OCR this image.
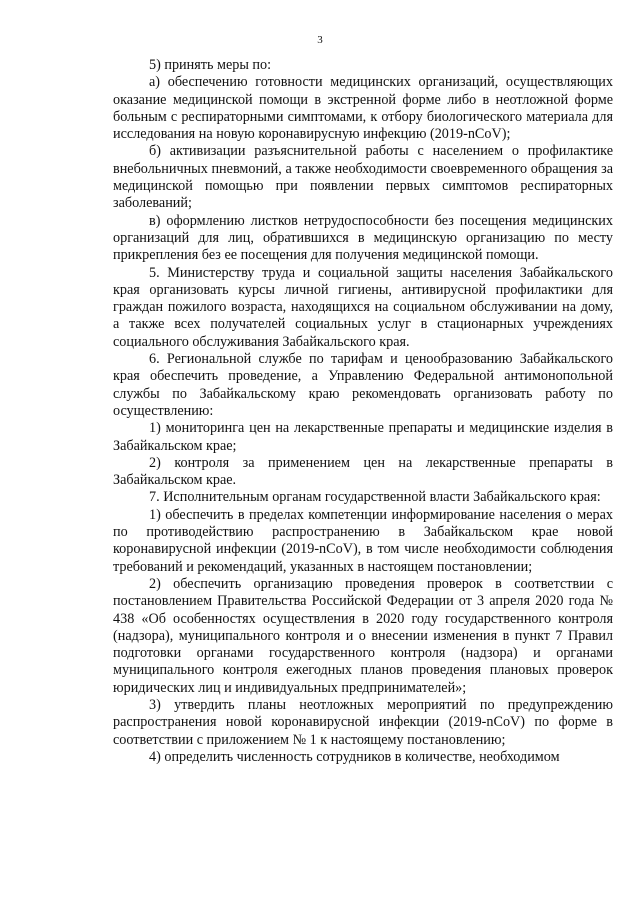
3

5) принять меры по:

а) обеспечению готовности медицинских организаций, осуществляющих оказание медицинской помощи в экстренной форме либо в неотложной форме больным с респираторными симптомами, к отбору биологического материала для исследования на новую коронавирусную инфекцию (2019-nCoV);

б) активизации разъяснительной работы с населением о профилактике внебольничных пневмоний, а также необходимости своевременного обращения за медицинской помощью при появлении первых симптомов респираторных заболеваний;

в) оформлению листков нетрудоспособности без посещения медицинских организаций для лиц, обратившихся в медицинскую организацию по месту прикрепления без ее посещения для получения медицинской помощи.

5. Министерству труда и социальной защиты населения Забайкальского края организовать курсы личной гигиены, антивирусной профилактики для граждан пожилого возраста, находящихся на социальном обслуживании на дому, а также всех получателей социальных услуг в стационарных учреждениях социального обслуживания Забайкальского края.

6. Региональной службе по тарифам и ценообразованию Забайкальского края обеспечить проведение, а Управлению Федеральной антимонопольной службы по Забайкальскому краю рекомендовать организовать работу по осуществлению:

1) мониторинга цен на лекарственные препараты и медицинские изделия в Забайкальском крае;

2) контроля за применением цен на лекарственные препараты в Забайкальском крае.

7. Исполнительным органам государственной власти Забайкальского края:

1) обеспечить в пределах компетенции информирование населения о мерах по противодействию распространению в Забайкальском крае новой коронавирусной инфекции (2019-nCoV), в том числе необходимости соблюдения требований и рекомендаций, указанных в настоящем постановлении;

2) обеспечить организацию проведения проверок в соответствии с постановлением Правительства Российской Федерации от 3 апреля 2020 года № 438 «Об особенностях осуществления в 2020 году государственного контроля (надзора), муниципального контроля и о внесении изменения в пункт 7 Правил подготовки органами государственного контроля (надзора) и органами муниципального контроля ежегодных планов проведения плановых проверок юридических лиц и индивидуальных предпринимателей»;

3) утвердить планы неотложных мероприятий по предупреждению распространения новой коронавирусной инфекции (2019-nCoV) по форме в соответствии с приложением № 1 к настоящему постановлению;

4) определить численность сотрудников в количестве, необходимом
